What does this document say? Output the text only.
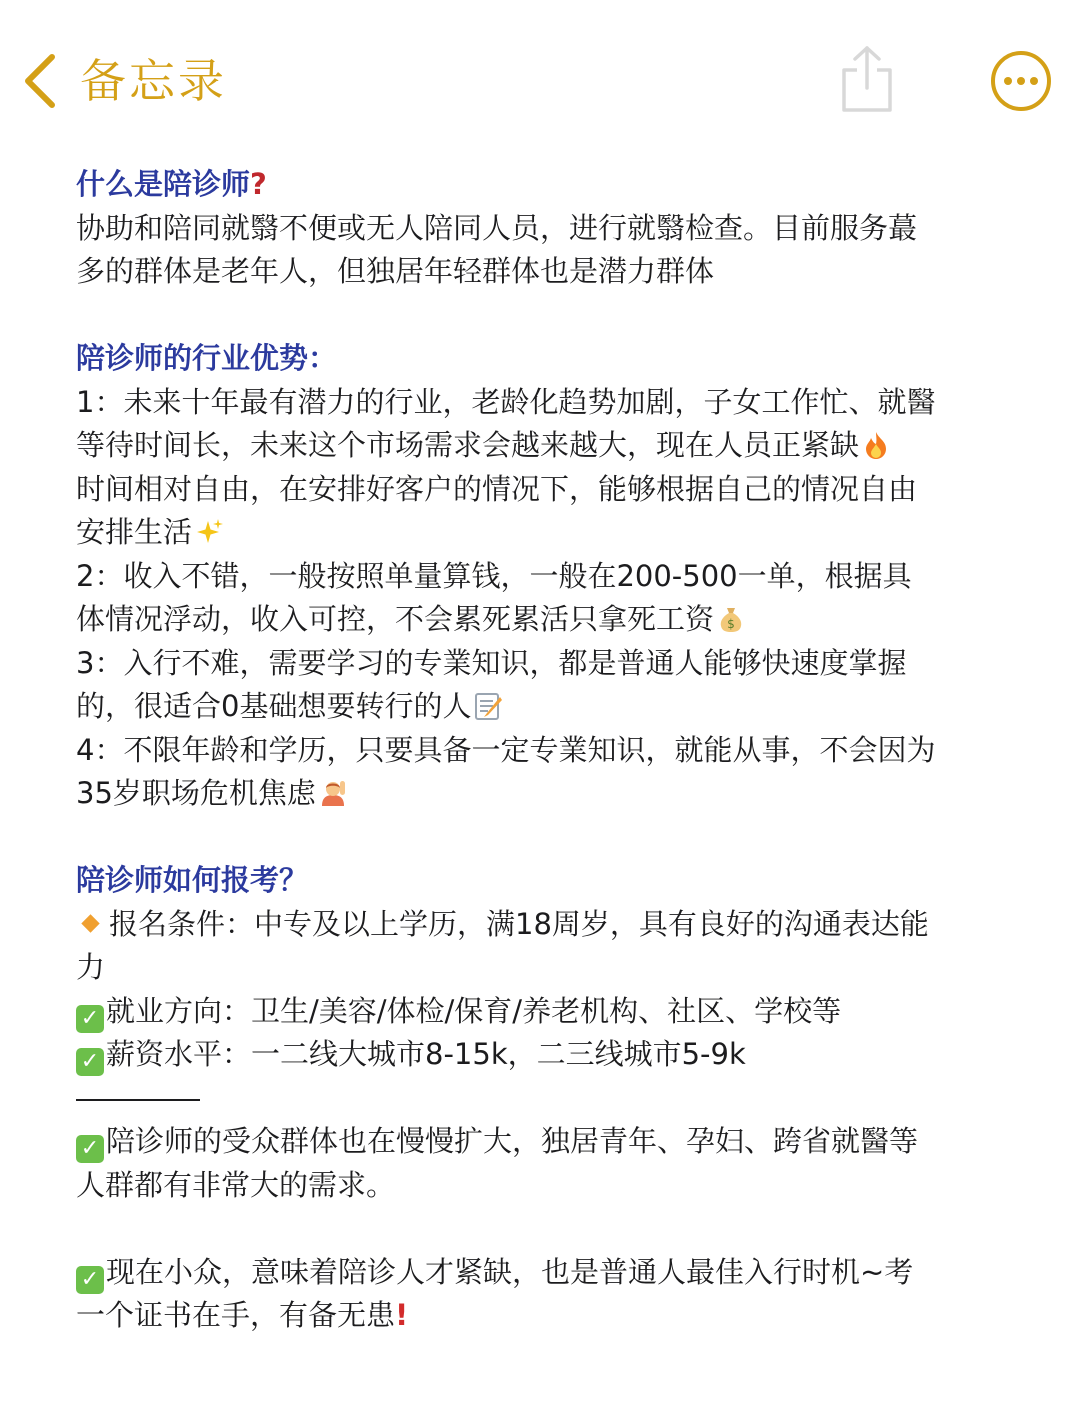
备忘录
什么是陪诊师?
协助和陪同就翳不便或无人陪同人员，进行就翳检查。目前服务蕞
多的群体是老年人，但独居年轻群体也是潜力群体
陪诊师的行业优势：
1：未来十年最有潜力的行业，老龄化趋势加剧，子女工作忙、就醫
等待时间长，未来这个市场需求会越来越大，现在人员正紧缺
时间相对自由，在安排好客户的情况下，能够根据自己的情况自由
安排生活
2：收入不错，一般按照单量算钱，一般在200-500一单，根据具
体情况浮动，收入可控，不会累死累活只拿死工资 $
3：入行不难，需要学习的专業知识，都是普通人能够快速度掌握
的，很适合0基础想要转行的人
4：不限年龄和学历，只要具备一定专業知识，就能从事，不会因为
35岁职场危机焦虑
陪诊师如何报考？
报名条件：中专及以上学历，满18周岁，具有良好的沟通表达能
力
✓ 就业方向：卫生/美容/体检/保育/养老机构、社区、学校等
✓ 薪资水平：一二线大城市8-15k，二三线城市5-9k
✓ 陪诊师的受众群体也在慢慢扩大，独居青年、孕妇、跨省就醫等
人群都有非常大的需求。
✓ 现在小众，意味着陪诊人才紧缺，也是普通人最佳入行时机~考
一个证书在手，有备无患!
